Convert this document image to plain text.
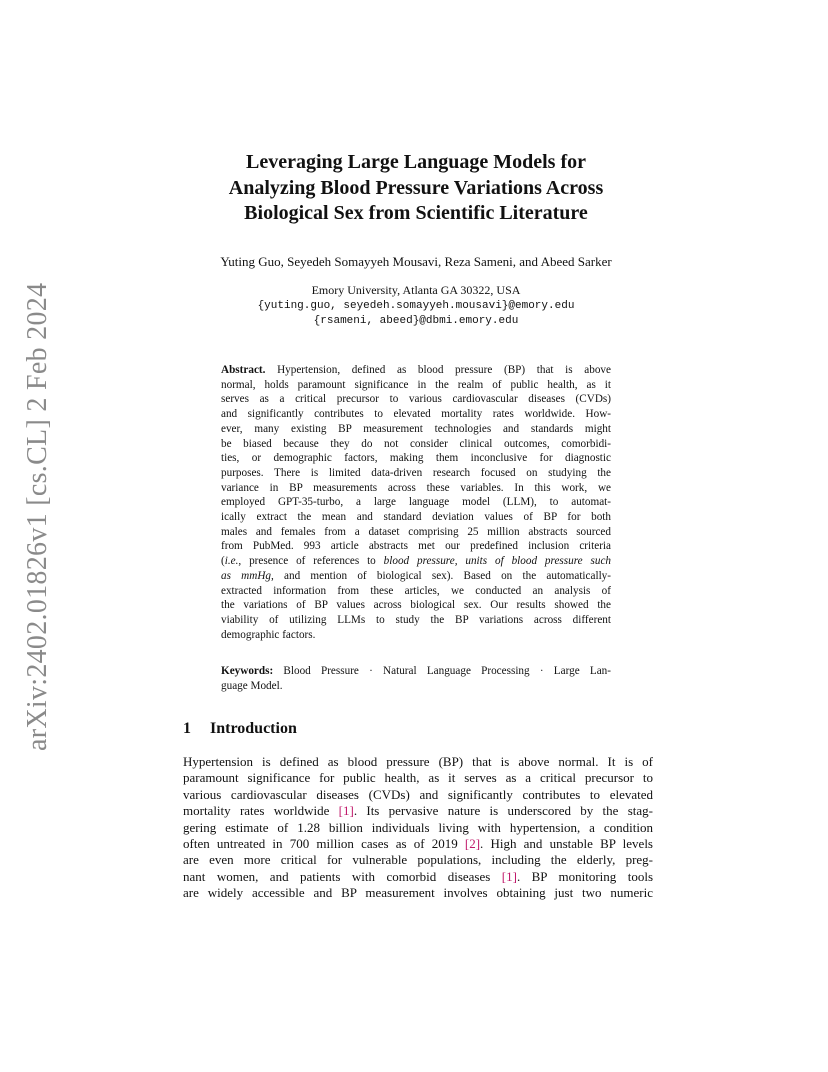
arXiv:2402.01826v1 [cs.CL] 2 Feb 2024
Leveraging Large Language Models for
Analyzing Blood Pressure Variations Across
Biological Sex from Scientific Literature
Yuting Guo, Seyedeh Somayyeh Mousavi, Reza Sameni, and Abeed Sarker
Emory University, Atlanta GA 30322, USA
{yuting.guo, seyedeh.somayyeh.mousavi}@emory.edu
{rsameni, abeed}@dbmi.emory.edu
Abstract. Hypertension, defined as blood pressure (BP) that is above
normal, holds paramount significance in the realm of public health, as it
serves as a critical precursor to various cardiovascular diseases (CVDs)
and significantly contributes to elevated mortality rates worldwide. How-
ever, many existing BP measurement technologies and standards might
be biased because they do not consider clinical outcomes, comorbidi-
ties, or demographic factors, making them inconclusive for diagnostic
purposes. There is limited data-driven research focused on studying the
variance in BP measurements across these variables. In this work, we
employed GPT-35-turbo, a large language model (LLM), to automat-
ically extract the mean and standard deviation values of BP for both
males and females from a dataset comprising 25 million abstracts sourced
from PubMed. 993 article abstracts met our predefined inclusion criteria
(i.e., presence of references to blood pressure, units of blood pressure such
as mmHg, and mention of biological sex). Based on the automatically-
extracted information from these articles, we conducted an analysis of
the variations of BP values across biological sex. Our results showed the
viability of utilizing LLMs to study the BP variations across different
demographic factors.
Keywords: Blood Pressure · Natural Language Processing · Large Lan-
guage Model.
1 Introduction
Hypertension is defined as blood pressure (BP) that is above normal. It is of
paramount significance for public health, as it serves as a critical precursor to
various cardiovascular diseases (CVDs) and significantly contributes to elevated
mortality rates worldwide [1]. Its pervasive nature is underscored by the stag-
gering estimate of 1.28 billion individuals living with hypertension, a condition
often untreated in 700 million cases as of 2019 [2]. High and unstable BP levels
are even more critical for vulnerable populations, including the elderly, preg-
nant women, and patients with comorbid diseases [1]. BP monitoring tools
are widely accessible and BP measurement involves obtaining just two numeric
